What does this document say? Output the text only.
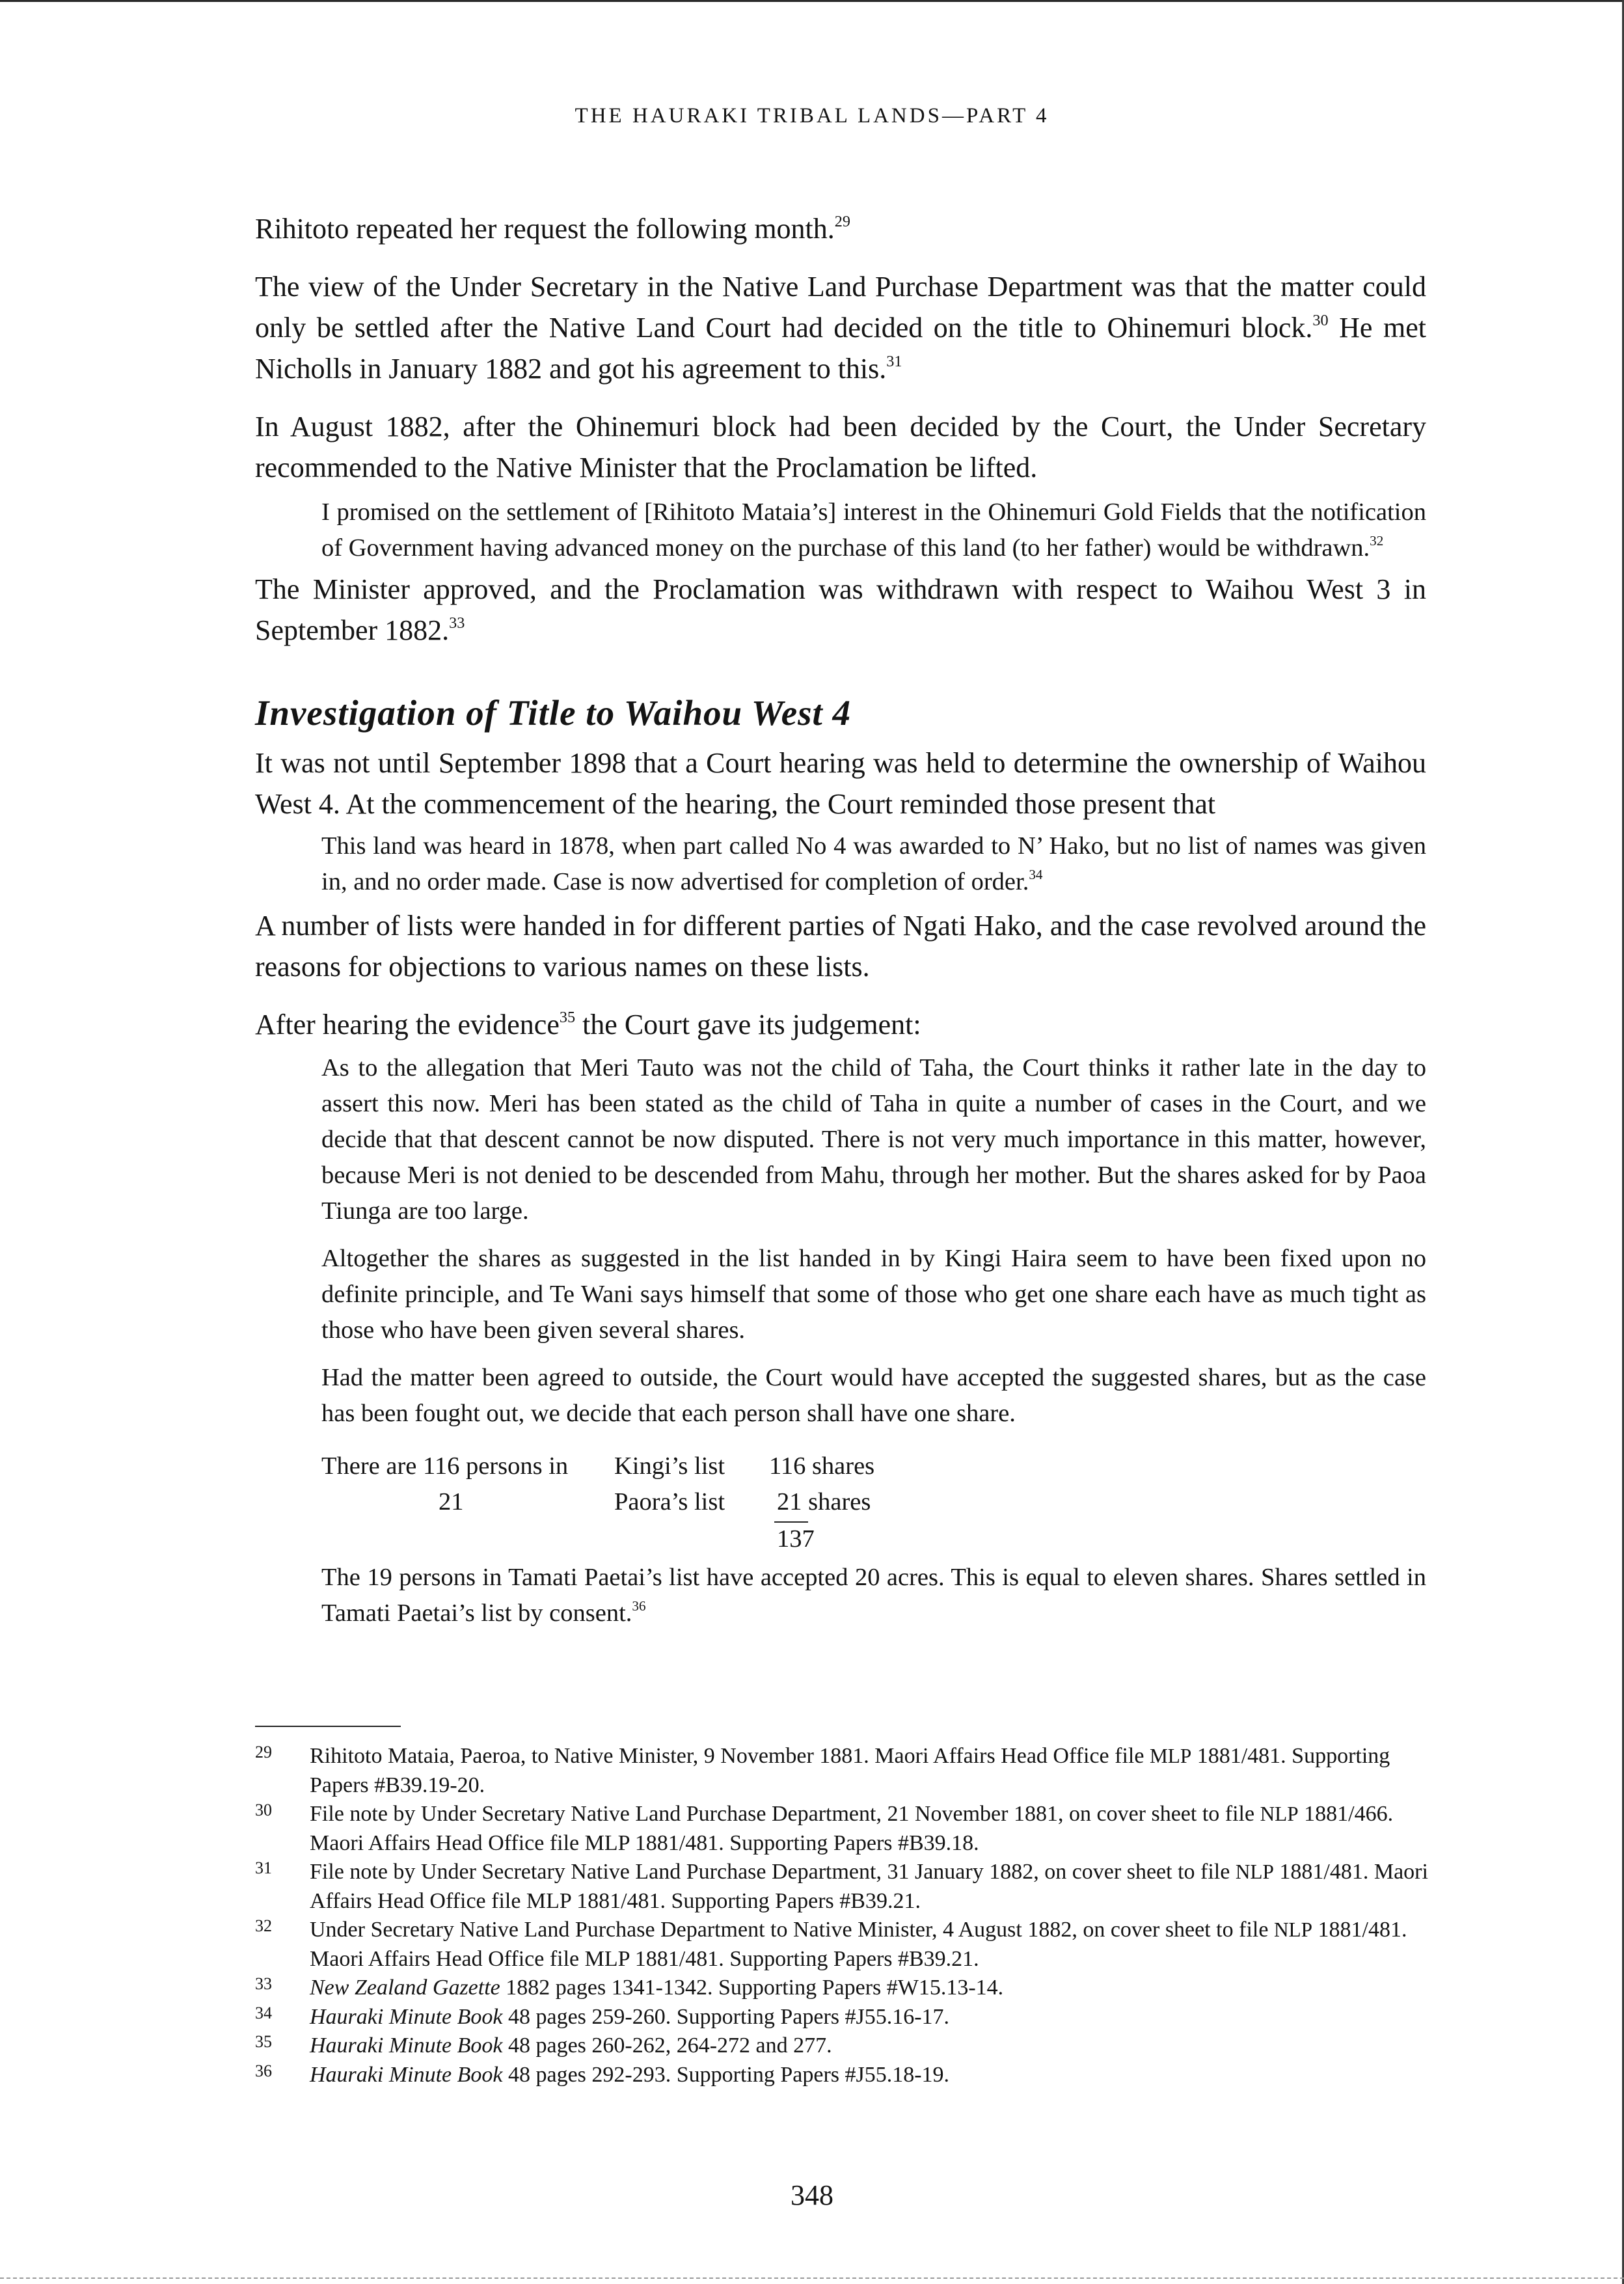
THE HAURAKI TRIBAL LANDS—PART 4

Rihitoto repeated her request the following month.$^{29}$

The view of the Under Secretary in the Native Land Purchase Department was that the matter could only be settled after the Native Land Court had decided on the title to Ohinemuri block.$^{30}$ He met Nicholls in January 1882 and got his agreement to this.$^{31}$

In August 1882, after the Ohinemuri block had been decided by the Court, the Under Secretary recommended to the Native Minister that the Proclamation be lifted.

I promised on the settlement of [Rihitoto Mataia’s] interest in the Ohinemuri Gold Fields that the notification of Government having advanced money on the purchase of this land (to her father) would be withdrawn.$^{32}$

The Minister approved, and the Proclamation was withdrawn with respect to Waihou West 3 in September 1882.33

Investigation of Title to Waihou West 4

It was not until September 1898 that a Court hearing was held to determine the ownership of Waihou West 4. At the commencement of the hearing, the Court reminded those present that

This land was heard in 1878, when part called No 4 was awarded to N’ Hako, but no list of names was given in, and no order made. Case is now advertised for completion of order.$^{34}$

A number of lists were handed in for different parties of Ngati Hako, and the case revolved around the reasons for objections to various names on these lists.

After hearing the evidence$^{35}$ the Court gave its judgement:

As to the allegation that Meri Tauto was not the child of Taha, the Court thinks it rather late in the day to assert this now. Meri has been stated as the child of Taha in quite a number of cases in the Court, and we decide that that descent cannot be now disputed. There is not very much importance in this matter, however, because Meri is not denied to be descended from Mahu, through her mother. But the shares asked for by Paoa Tiunga are too large.

Altogether the shares as suggested in the list handed in by Kingi Haira seem to have been fixed upon no definite principle, and Te Wani says himself that some of those who get one share each have as much tight as those who have been given several shares.

Had the matter been agreed to outside, the Court would have accepted the suggested shares, but as the case has been fought out, we decide that each person shall have one share.

There are 116 persons in Kingi’s list 116 shares
21	Paora’s list 21 shares
137

The 19 persons in Tamati Paetai’s list have accepted 20 acres. This is equal to eleven shares. Shares settled in Tamati Paetai’s list by consent.$^{36}$

29 Rihitoto Mataia, Paeroa, to Native Minister, 9 November 1881. Maori Affairs Head Office file MLP 1881/481. Supporting Papers #B39.19-20.
30 File note by Under Secretary Native Land Purchase Department, 21 November 1881, on cover sheet to file NLP 1881/466. Maori Affairs Head Office file MLP 1881/481. Supporting Papers #B39.18.
31 File note by Under Secretary Native Land Purchase Department, 31 January 1882, on cover sheet to file NLP 1881/481. Maori Affairs Head Office file MLP 1881/481. Supporting Papers #B39.21.
32 Under Secretary Native Land Purchase Department to Native Minister, 4 August 1882, on cover sheet to file NLP 1881/481. Maori Affairs Head Office file MLP 1881/481. Supporting Papers #B39.21.
33 New Zealand Gazette 1882 pages 1341-1342. Supporting Papers #W15.13-14.
34 Hauraki Minute Book 48 pages 259-260. Supporting Papers #J55.16-17.
35 Hauraki Minute Book 48 pages 260-262, 264-272 and 277.
36 Hauraki Minute Book 48 pages 292-293. Supporting Papers #J55.18-19.
348
